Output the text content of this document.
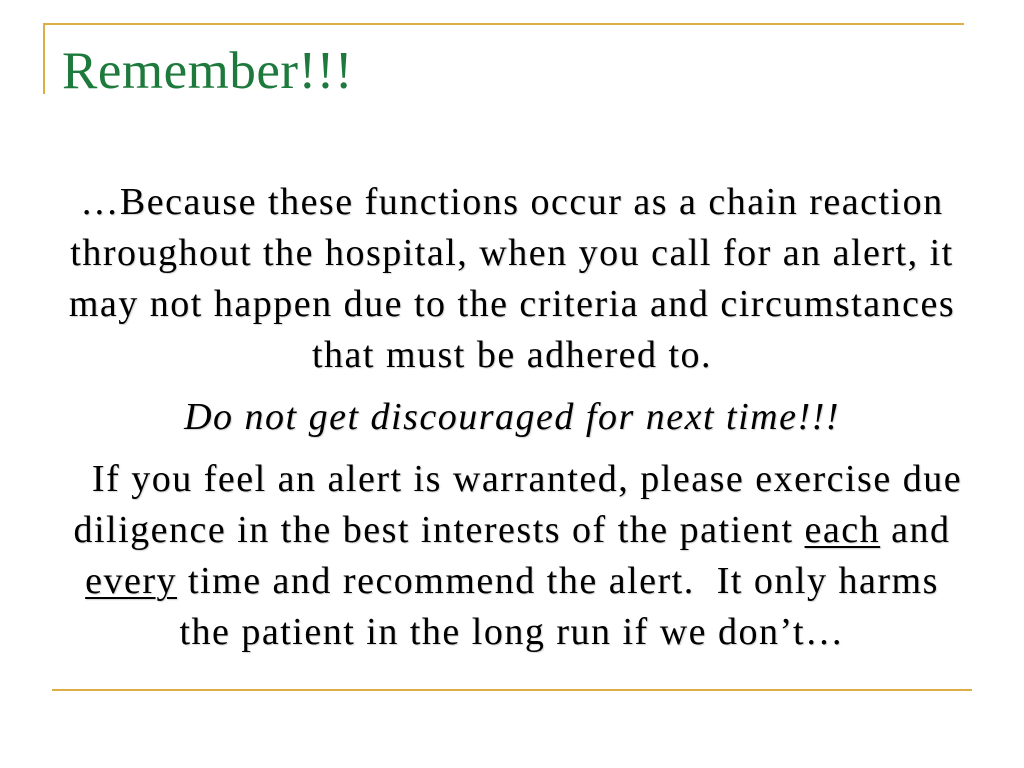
Remember!!!
…Because these functions occur as a chain reaction
throughout the hospital, when you call for an alert, it
may not happen due to the criteria and circumstances
that must be adhered to.
Do not get discouraged for next time!!!
If you feel an alert is warranted, please exercise due
diligence in the best interests of the patient each and
every time and recommend the alert.  It only harms
the patient in the long run if we don’t…
